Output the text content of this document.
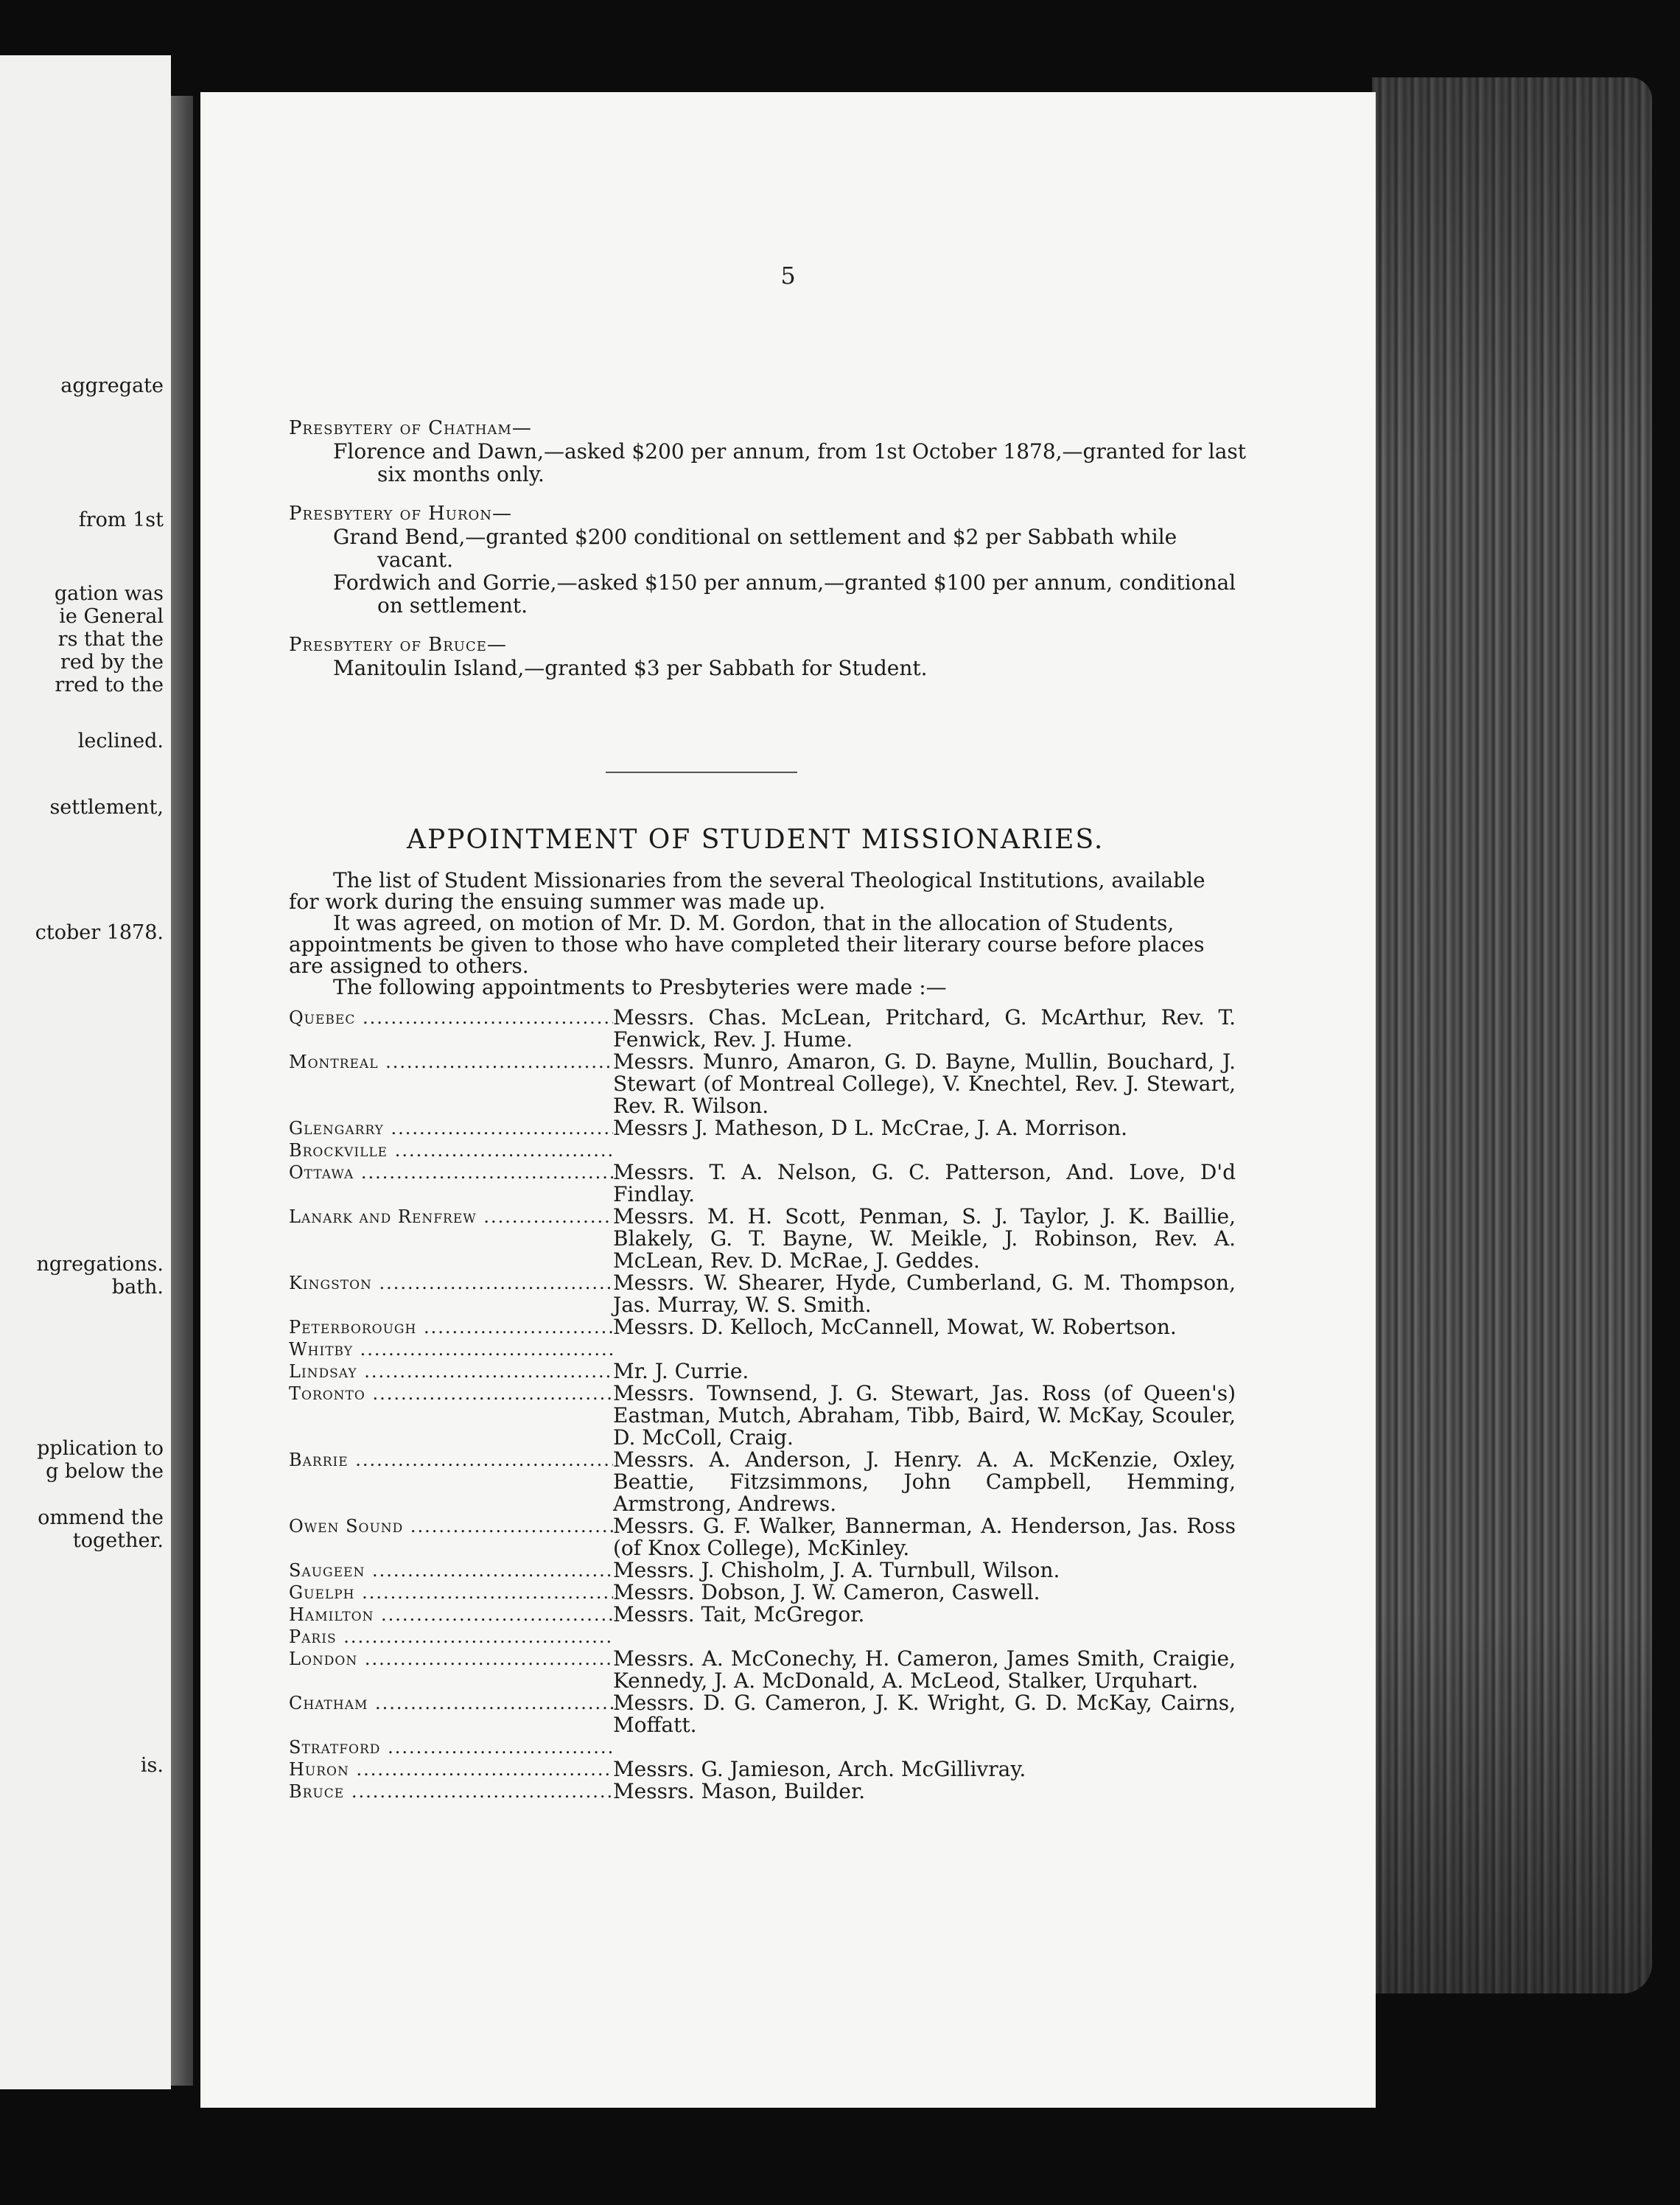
aggregate
from 1st
gation was
ie General
rs that the
red by the
rred to the
leclined.
settlement,
ctober 1878.
ngregations.
bath.
pplication to
g below the
ommend the
together.
is.
5

Presbytery of Chatham—

Florence and Dawn,—asked $200 per annum, from 1st October 1878,—granted for last six months only.

Presbytery of Huron—

Grand Bend,—granted $200 conditional on settlement and $2 per Sabbath while vacant.

Fordwich and Gorrie,—asked $150 per annum,—granted $100 per annum, conditional on settlement.

Presbytery of Bruce—

Manitoulin Island,—granted $3 per Sabbath for Student.

APPOINTMENT OF STUDENT MISSIONARIES.

The list of Student Missionaries from the several Theological Institutions, available for work during the ensuing summer was made up.

It was agreed, on motion of Mr. D. M. Gordon, that in the allocation of Students, appointments be given to those who have completed their literary course before places are assigned to others.

The following appointments to Presbyteries were made :—

Quebec .....	Messrs. Chas. McLean, Pritchard, G. McArthur, Rev. T. Fenwick, Rev. J. Hume.
Montreal .....	Messrs. Munro, Amaron, G. D. Bayne, Mullin, Bouchard, J. Stewart (of Montreal College), V. Knechtel, Rev. J. Stewart, Rev. R. Wilson.
Glengarry .....	Messrs J. Matheson, D L. McCrae, J. A. Morrison.
Brockville .....
Ottawa .....	Messrs. T. A. Nelson, G. C. Patterson, And. Love, D'd Findlay.
Lanark and Renfrew .....	Messrs. M. H. Scott, Penman, S. J. Taylor, J. K. Baillie, Blakely, G. T. Bayne, W. Meikle, J. Robinson, Rev. A. McLean, Rev. D. McRae, J. Geddes.
Kingston .....	Messrs. W. Shearer, Hyde, Cumberland, G. M. Thompson, Jas. Murray, W. S. Smith.
Peterborough .....	Messrs. D. Kelloch, McCannell, Mowat, W. Robertson.
Whitby .....
Lindsay .....	Mr. J. Currie.
Toronto .....	Messrs. Townsend, J. G. Stewart, Jas. Ross (of Queen's) Eastman, Mutch, Abraham, Tibb, Baird, W. McKay, Scouler, D. McColl, Craig.
Barrie .....	Messrs. A. Anderson, J. Henry. A. A. McKenzie, Oxley, Beattie, Fitzsimmons, John Campbell, Hemming, Armstrong, Andrews.
Owen Sound .....	Messrs. G. F. Walker, Bannerman, A. Henderson, Jas. Ross (of Knox College), McKinley.
Saugeen .....	Messrs. J. Chisholm, J. A. Turnbull, Wilson.
Guelph .....	Messrs. Dobson, J. W. Cameron, Caswell.
Hamilton .....	Messrs. Tait, McGregor.
Paris .....
London .....	Messrs. A. McConechy, H. Cameron, James Smith, Craigie, Kennedy, J. A. McDonald, A. McLeod, Stalker, Urquhart.
Chatham .....	Messrs. D. G. Cameron, J. K. Wright, G. D. McKay, Cairns, Moffatt.
Stratford .....
Huron .....	Messrs. G. Jamieson, Arch. McGillivray.
Bruce .....	Messrs. Mason, Builder.
